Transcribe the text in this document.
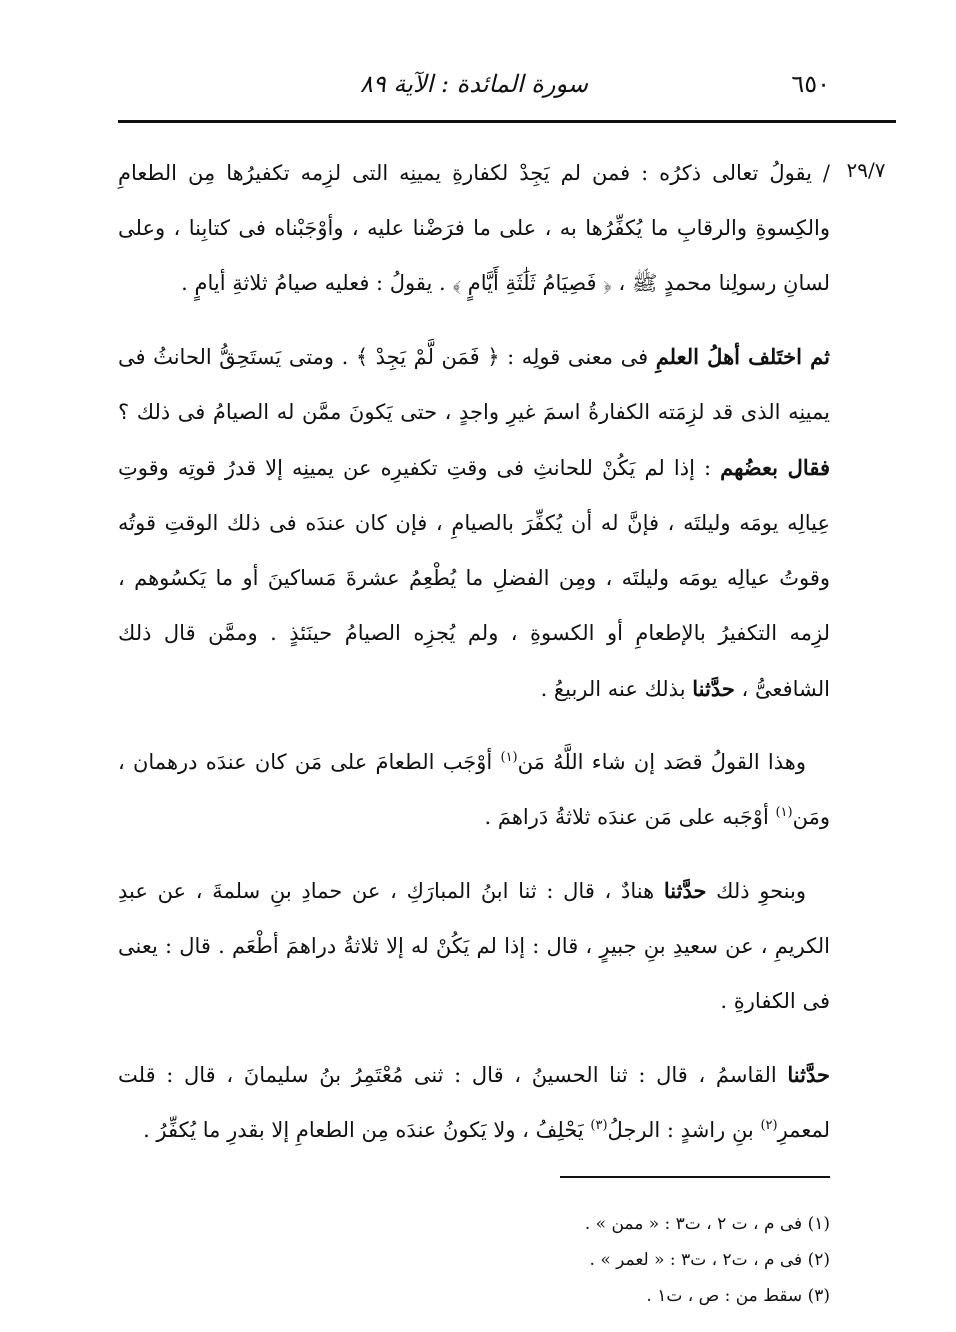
٦٥٠
سورة المائدة : الآية ٨٩
٢٩/٧

/ يقولُ تعالى ذكرُه : فمن لم يَجِدْ لكفارةِ يمينِه التى لزِمه تكفيرُها مِن الطعامِ والكِسوةِ والرقابِ ما يُكفِّرُها به ، على ما فرَضْنا عليه ، وأوْجَبْناه فى كتابِنا ، وعلى لسانِ رسولِنا محمدٍ ﷺ ، ﴿ فَصِيَامُ ثَلَٰثَةِ أَيَّامٍ ﴾ . يقولُ : فعليه صيامُ ثلاثةِ أيامٍ .

ثم اختَلف أهلُ العلمِ فى معنى قولِه : ﴿ فَمَن لَّمْ يَجِدْ ﴾ . ومتى يَستَحِقُّ الحانثُ فى يمينِه الذى قد لزِمَته الكفارةُ اسمَ غيرِ واجدٍ ، حتى يَكونَ ممَّن له الصيامُ فى ذلك ؟ فقال بعضُهم : إذا لم يَكُنْ للحانثِ فى وقتِ تكفيرِه عن يمينِه إلا قدرُ قوتِه وقوتِ عِيالِه يومَه وليلتَه ، فإنَّ له أن يُكفِّرَ بالصيامِ ، فإن كان عندَه فى ذلك الوقتِ قوتُه وقوتُ عيالِه يومَه وليلتَه ، ومِن الفضلِ ما يُطْعِمُ عشرةَ مَساكينَ أو ما يَكسُوهم ، لزِمه التكفيرُ بالإطعامِ أو الكسوةِ ، ولم يُجزِه الصيامُ حينَئذٍ . وممَّن قال ذلك الشافعىُّ ، حدَّثنا بذلك عنه الربيعُ .

وهذا القولُ قصَد إن شاء اللَّهُ مَن$^{(١)}$ أوْجَب الطعامَ على مَن كان عندَه درهمان ، ومَن$^{(١)}$ أوْجَبه على مَن عندَه ثلاثةُ دَراهمَ .

وبنحوِ ذلك حدَّثنا هنادٌ ، قال : ثنا ابنُ المبارَكِ ، عن حمادِ بنِ سلمةَ ، عن عبدِ الكريمِ ، عن سعيدِ بنِ جبيرٍ ، قال : إذا لم يَكُنْ له إلا ثلاثةُ دراهمَ أطْعَم . قال : يعنى فى الكفارةِ .

حدَّثنا القاسمُ ، قال : ثنا الحسينُ ، قال : ثنى مُعْتَمِرُ بنُ سليمانَ ، قال : قلت لمعمرِ$^{(٢)}$ بنِ راشدٍ : الرجلُ$^{(٣)}$ يَحْلِفُ ، ولا يَكونُ عندَه مِن الطعامِ إلا بقدرِ ما يُكفِّرُ .

(١) فى م ، ت ٢ ، ت٣ : « ممن » .

(٢) فى م ، ت٢ ، ت٣ : « لعمر » .

(٣) سقط من : ص ، ت١ .
